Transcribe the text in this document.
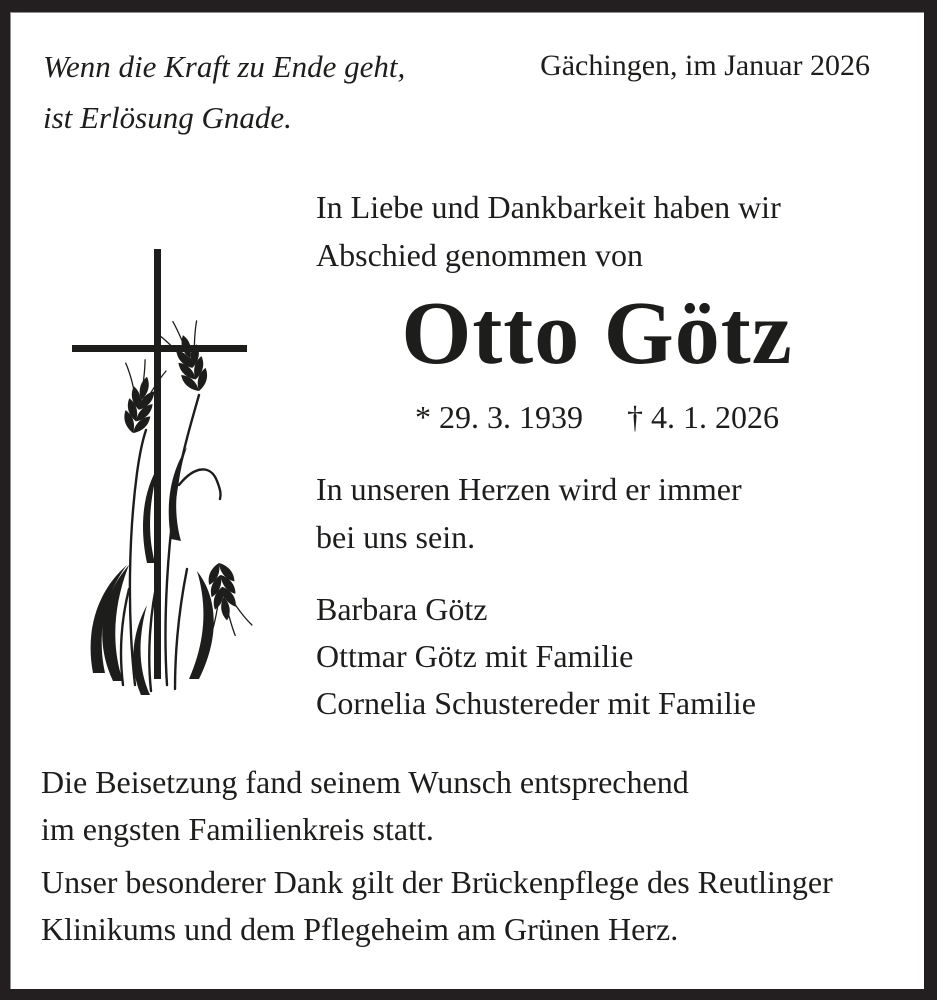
Wenn die Kraft zu Ende geht,
ist Erlösung Gnade.
Gächingen, im Januar 2026
In Liebe und Dankbarkeit haben wir
Abschied genommen von
Otto Götz
* 29. 3. 1939 † 4. 1. 2026
In unseren Herzen wird er immer
bei uns sein.
Barbara Götz
Ottmar Götz mit Familie
Cornelia Schustereder mit Familie
Die Beisetzung fand seinem Wunsch entsprechend
im engsten Familienkreis statt.
Unser besonderer Dank gilt der Brückenpflege des Reutlinger
Klinikums und dem Pflegeheim am Grünen Herz.
